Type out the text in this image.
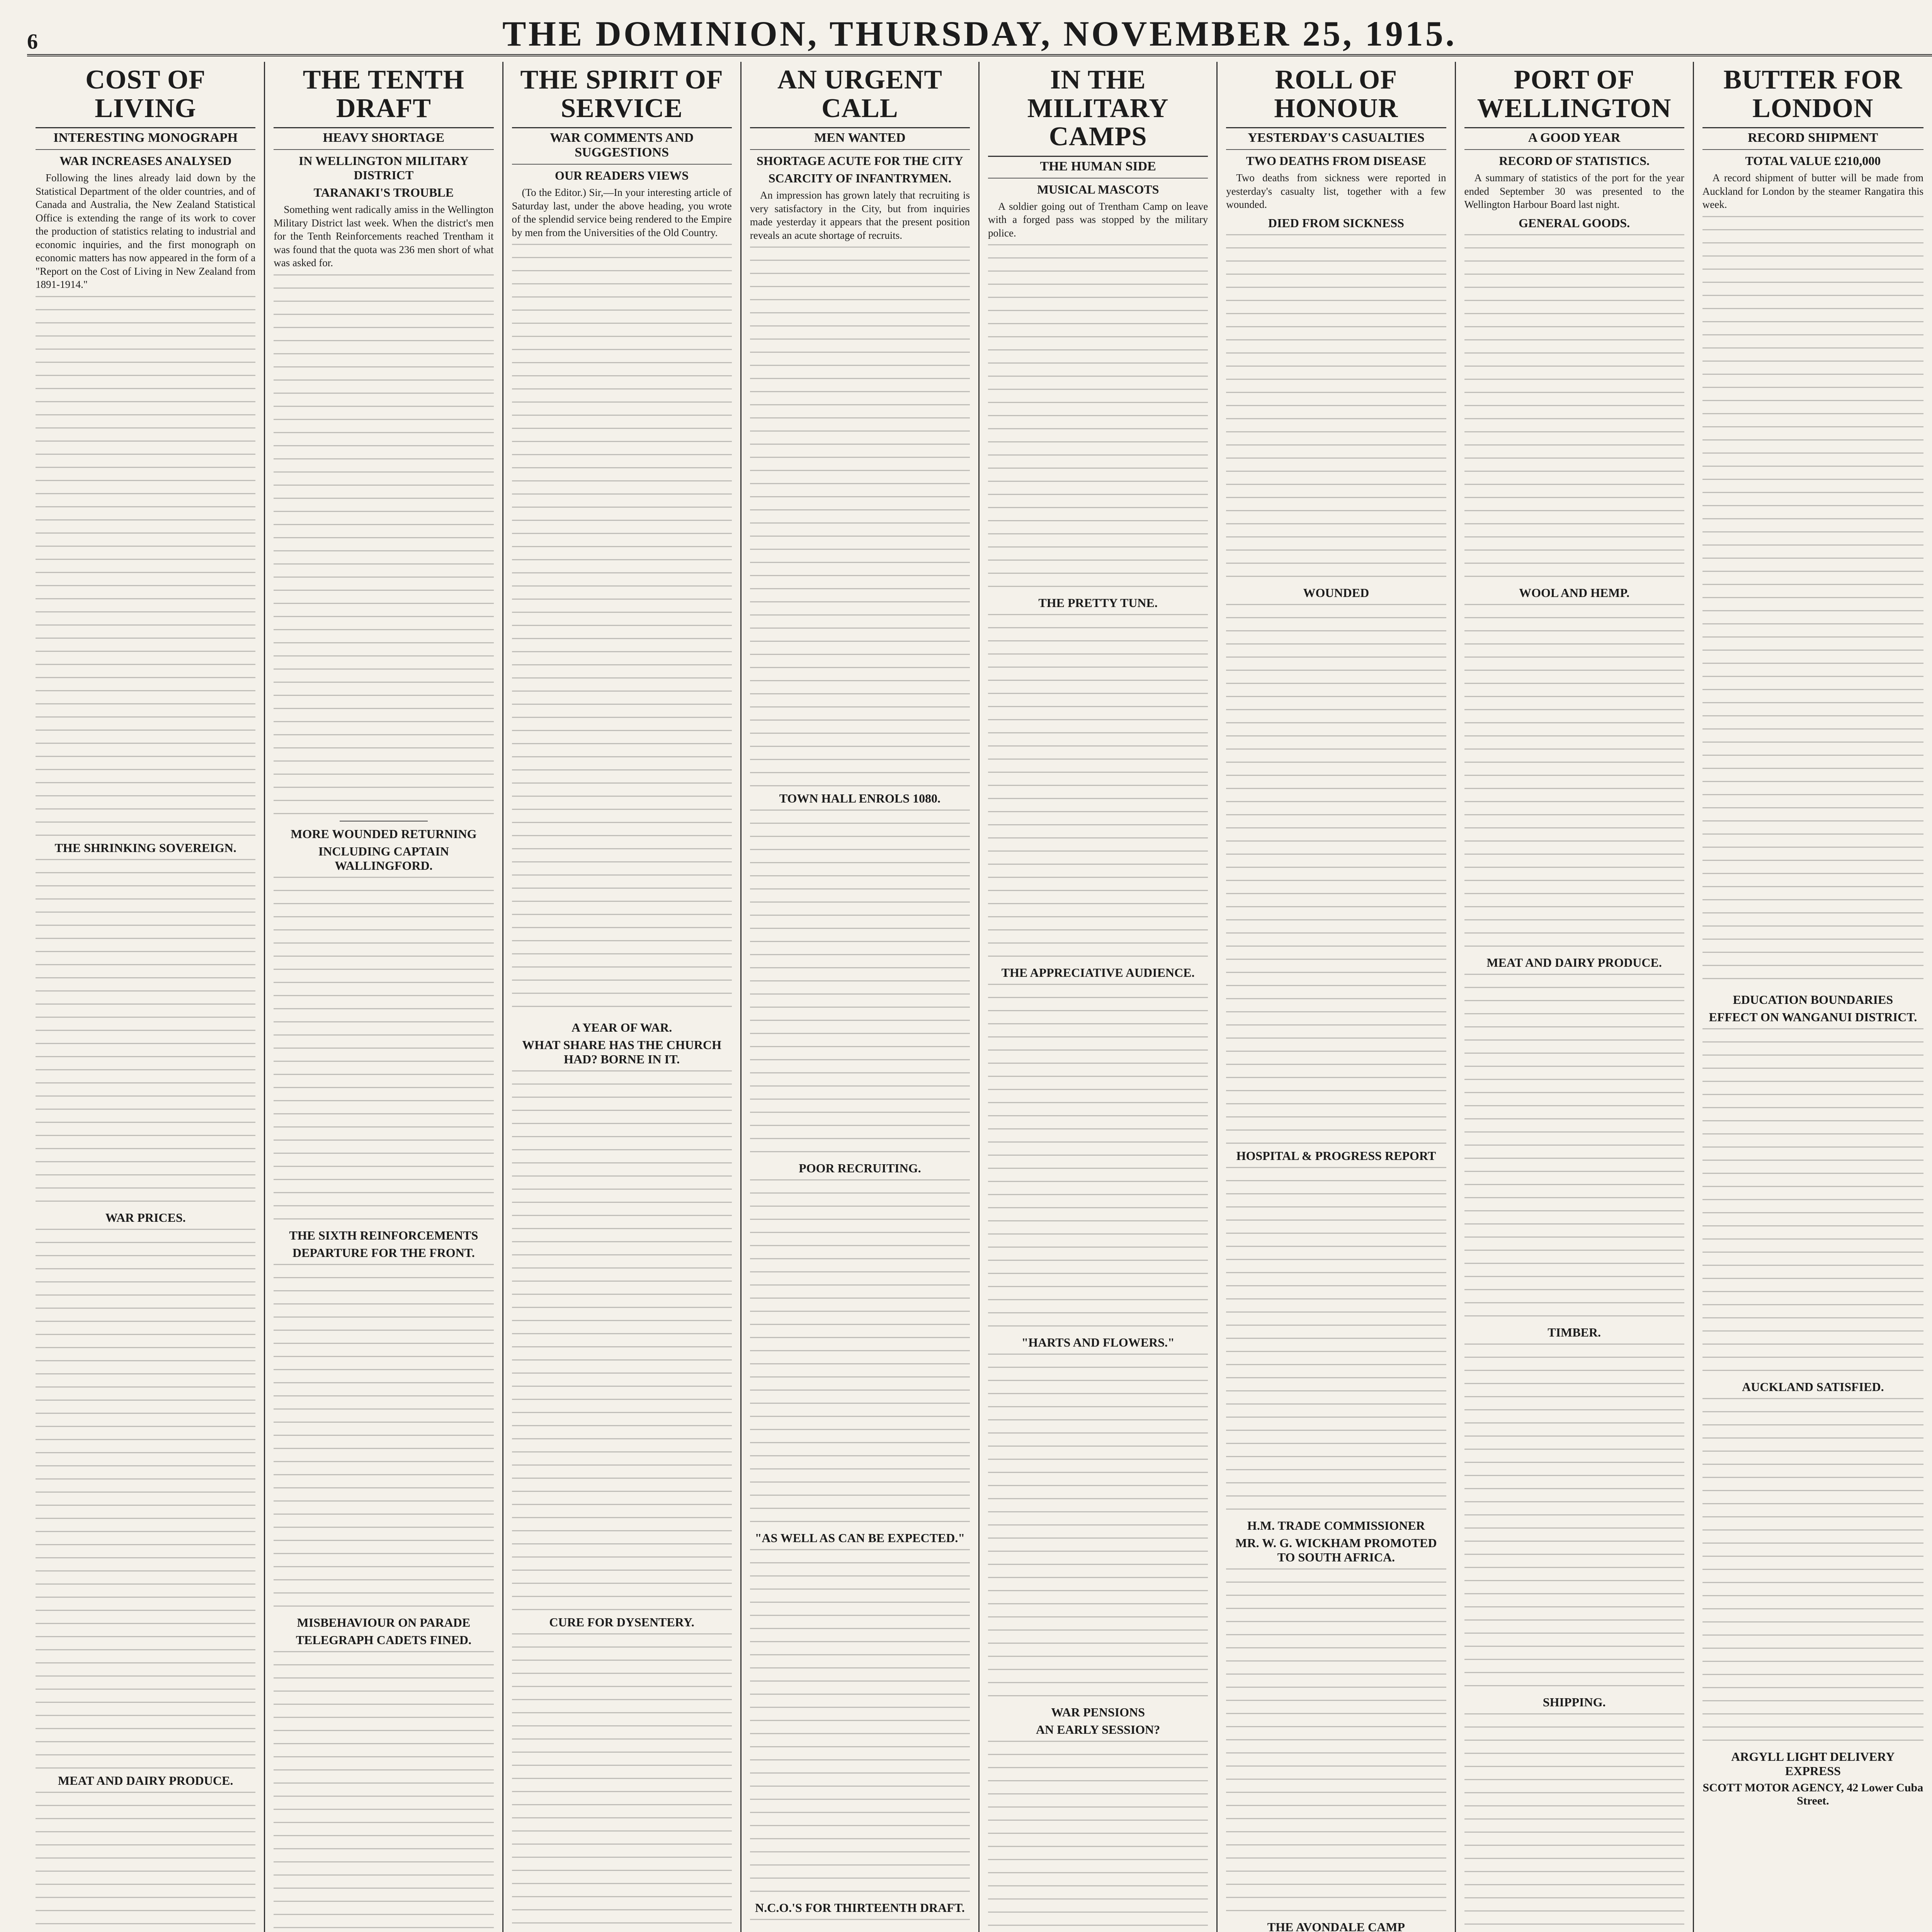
6	THE DOMINION, THURSDAY, NOVEMBER 25, 1915.
COST OF LIVING
INTERESTING MONOGRAPH
WAR INCREASES ANALYSED

Following the lines already laid down by the Statistical Department of the older countries, and of Canada and Australia, the New Zealand Statistical Office is extending the range of its work to cover the production of statistics relating to industrial and economic inquiries, and the first monograph on economic matters has now appeared in the form of a "Report on the Cost of Living in New Zealand from 1891-1914."

THE SHRINKING SOVEREIGN.
WAR PRICES.
MEAT AND DAIRY PRODUCE.
THE TENTH DRAFT
HEAVY SHORTAGE
IN WELLINGTON MILITARY DISTRICT
TARANAKI'S TROUBLE

Something went radically amiss in the Wellington Military District last week. When the district's men for the Tenth Reinforcements reached Trentham it was found that the quota was 236 men short of what was asked for.

MORE WOUNDED RETURNING
INCLUDING CAPTAIN WALLINGFORD.
THE SIXTH REINFORCEMENTS
DEPARTURE FOR THE FRONT.
MISBEHAVIOUR ON PARADE
TELEGRAPH CADETS FINED.
THE SPIRIT OF SERVICE
WAR COMMENTS AND SUGGESTIONS
OUR READERS VIEWS

(To the Editor.) Sir,—In your interesting article of Saturday last, under the above heading, you wrote of the splendid service being rendered to the Empire by men from the Universities of the Old Country.

A YEAR OF WAR.
WHAT SHARE HAS THE CHURCH HAD? BORNE IN IT.
CURE FOR DYSENTERY.
AN URGENT CALL
MEN WANTED
SHORTAGE ACUTE FOR THE CITY
SCARCITY OF INFANTRYMEN.

An impression has grown lately that recruiting is very satisfactory in the City, but from inquiries made yesterday it appears that the present position reveals an acute shortage of recruits.

TOWN HALL ENROLS 1080.
POOR RECRUITING.
"AS WELL AS CAN BE EXPECTED."
N.C.O.'S FOR THIRTEENTH DRAFT.
IN THE MILITARY CAMPS
THE HUMAN SIDE
MUSICAL MASCOTS

A soldier going out of Trentham Camp on leave with a forged pass was stopped by the military police.

THE PRETTY TUNE.
THE APPRECIATIVE AUDIENCE.
"HARTS AND FLOWERS."
WAR PENSIONS
AN EARLY SESSION?
ROLL OF HONOUR
YESTERDAY'S CASUALTIES
TWO DEATHS FROM DISEASE

Two deaths from sickness were reported in yesterday's casualty list, together with a few wounded.

DIED FROM SICKNESS
WOUNDED
HOSPITAL & PROGRESS REPORT
H.M. TRADE COMMISSIONER
MR. W. G. WICKHAM PROMOTED TO SOUTH AFRICA.
THE AVONDALE CAMP
PORT OF WELLINGTON
A GOOD YEAR
RECORD OF STATISTICS.

A summary of statistics of the port for the year ended September 30 was presented to the Wellington Harbour Board last night.

GENERAL GOODS.
WOOL AND HEMP.
MEAT AND DAIRY PRODUCE.
TIMBER.
SHIPPING.
BUTTER FOR LONDON
RECORD SHIPMENT
TOTAL VALUE £210,000

A record shipment of butter will be made from Auckland for London by the steamer Rangatira this week.

EDUCATION BOUNDARIES
EFFECT ON WANGANUI DISTRICT.
AUCKLAND SATISFIED.
ARGYLL LIGHT DELIVERY EXPRESS
SCOTT MOTOR AGENCY, 42 Lower Cuba Street.
